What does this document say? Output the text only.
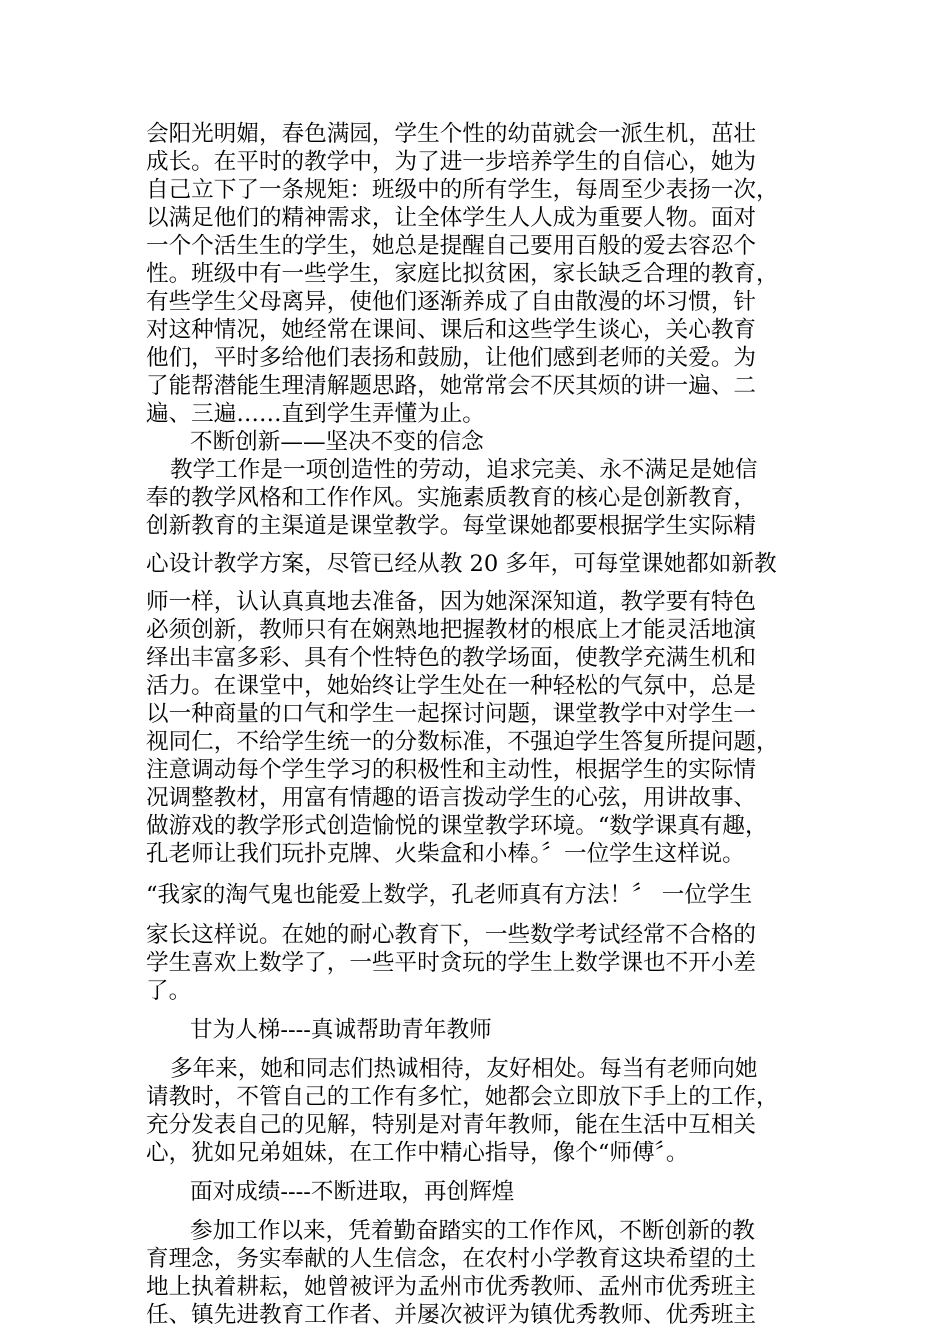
会阳光明媚，春色满园，学生个性的幼苗就会一派生机，茁壮
成长。在平时的教学中，为了进一步培养学生的自信心，她为
自己立下了一条规矩：班级中的所有学生，每周至少表扬一次，
以满足他们的精神需求，让全体学生人人成为重要人物。面对
一个个活生生的学生，她总是提醒自己要用百般的爱去容忍个
性。班级中有一些学生，家庭比拟贫困，家长缺乏合理的教育，
有些学生父母离异，使他们逐渐养成了自由散漫的坏习惯，针
对这种情况，她经常在课间、课后和这些学生谈心，关心教育
他们，平时多给他们表扬和鼓励，让他们感到老师的关爱。为
了能帮潜能生理清解题思路，她常常会不厌其烦的讲一遍、二
遍、三遍……直到学生弄懂为止。
不断创新——坚决不变的信念
教学工作是一项创造性的劳动，追求完美、永不满足是她信
奉的教学风格和工作作风。实施素质教育的核心是创新教育，
创新教育的主渠道是课堂教学。每堂课她都要根据学生实际精
心设计教学方案，尽管已经从教 20 多年，可每堂课她都如新教
师一样，认认真真地去准备，因为她深深知道，教学要有特色
必须创新，教师只有在娴熟地把握教材的根底上才能灵活地演
绎出丰富多彩、具有个性特色的教学场面，使教学充满生机和
活力。在课堂中，她始终让学生处在一种轻松的气氛中，总是
以一种商量的口气和学生一起探讨问题，课堂教学中对学生一
视同仁，不给学生统一的分数标准，不强迫学生答复所提问题，
注意调动每个学生学习的积极性和主动性，根据学生的实际情
况调整教材，用富有情趣的语言拨动学生的心弦，用讲故事、
做游戏的教学形式创造愉悦的课堂教学环境。“数学课真有趣，
孔老师让我们玩扑克牌、火柴盒和小棒。〞一位学生这样说。
“我家的淘气鬼也能爱上数学，孔老师真有方法！〞 一位学生
家长这样说。在她的耐心教育下，一些数学考试经常不合格的
学生喜欢上数学了，一些平时贪玩的学生上数学课也不开小差
了。
甘为人梯----真诚帮助青年教师
多年来，她和同志们热诚相待，友好相处。每当有老师向她
请教时，不管自己的工作有多忙，她都会立即放下手上的工作，
充分发表自己的见解，特别是对青年教师，能在生活中互相关
心，犹如兄弟姐妹，在工作中精心指导，像个“师傅〞。
面对成绩----不断进取，再创辉煌
参加工作以来，凭着勤奋踏实的工作作风，不断创新的教
育理念，务实奉献的人生信念，在农村小学教育这块希望的土
地上执着耕耘，她曾被评为孟州市优秀教师、孟州市优秀班主
任、镇先进教育工作者、并屡次被评为镇优秀教师、优秀班主
